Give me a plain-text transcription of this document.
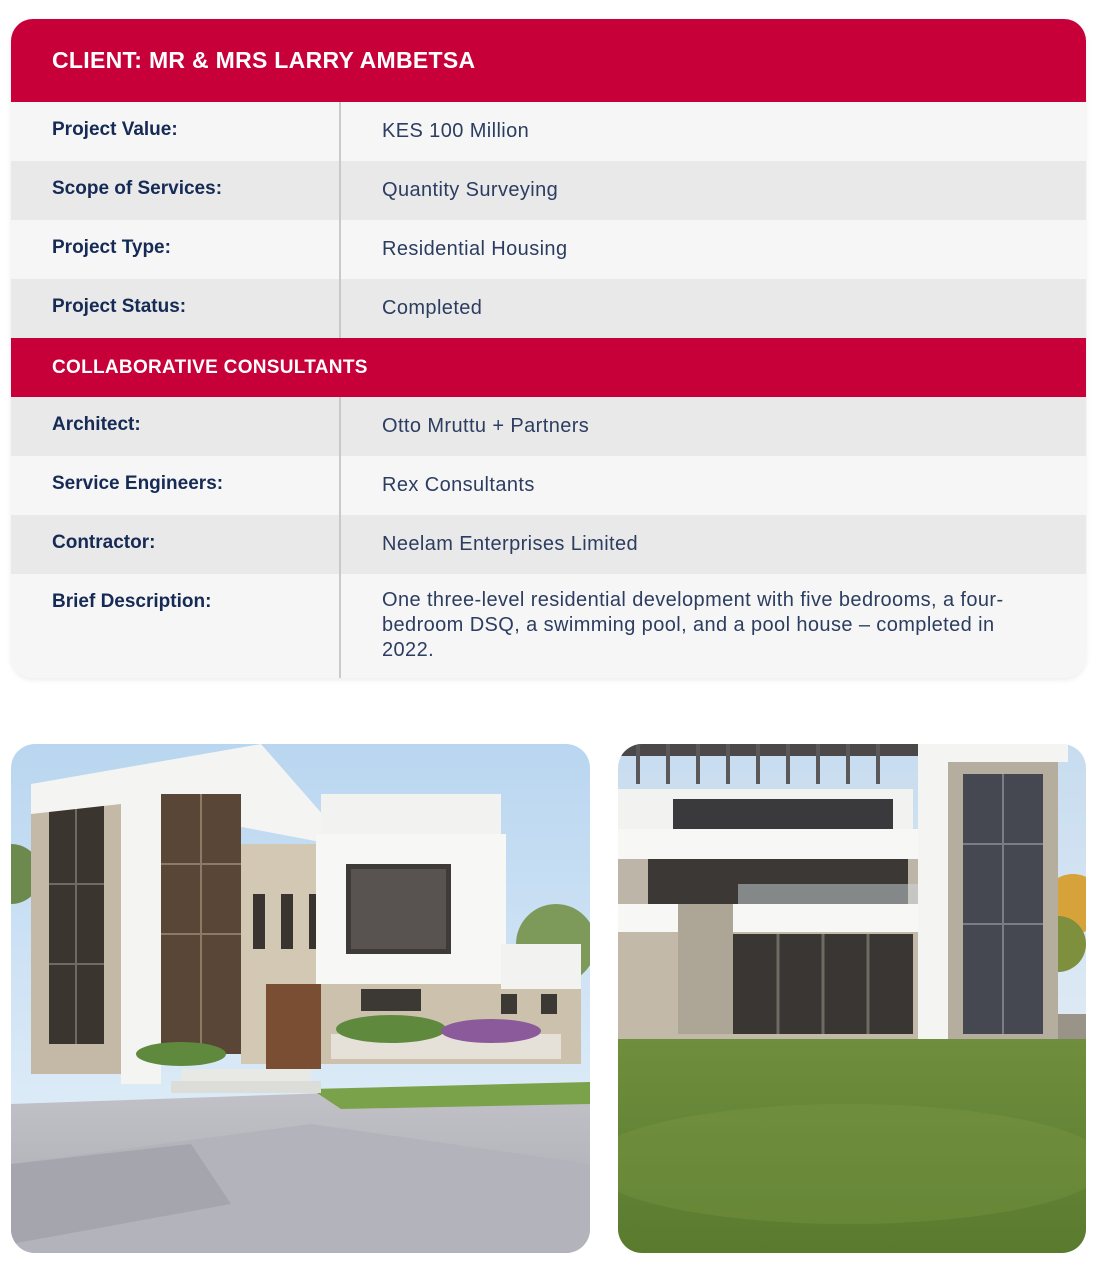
CLIENT: MR & MRS LARRY AMBETSA
Project Value:	KES 100 Million
Scope of Services:	Quantity Surveying
Project Type:	Residential Housing
Project Status:	Completed
COLLABORATIVE CONSULTANTS
Architect:	Otto Mruttu + Partners
Service Engineers:	Rex Consultants
Contractor:	Neelam Enterprises Limited
Brief Description:	One three-level residential development with five bedrooms, a four-bedroom DSQ, a swimming pool, and a pool house – completed in 2022.
